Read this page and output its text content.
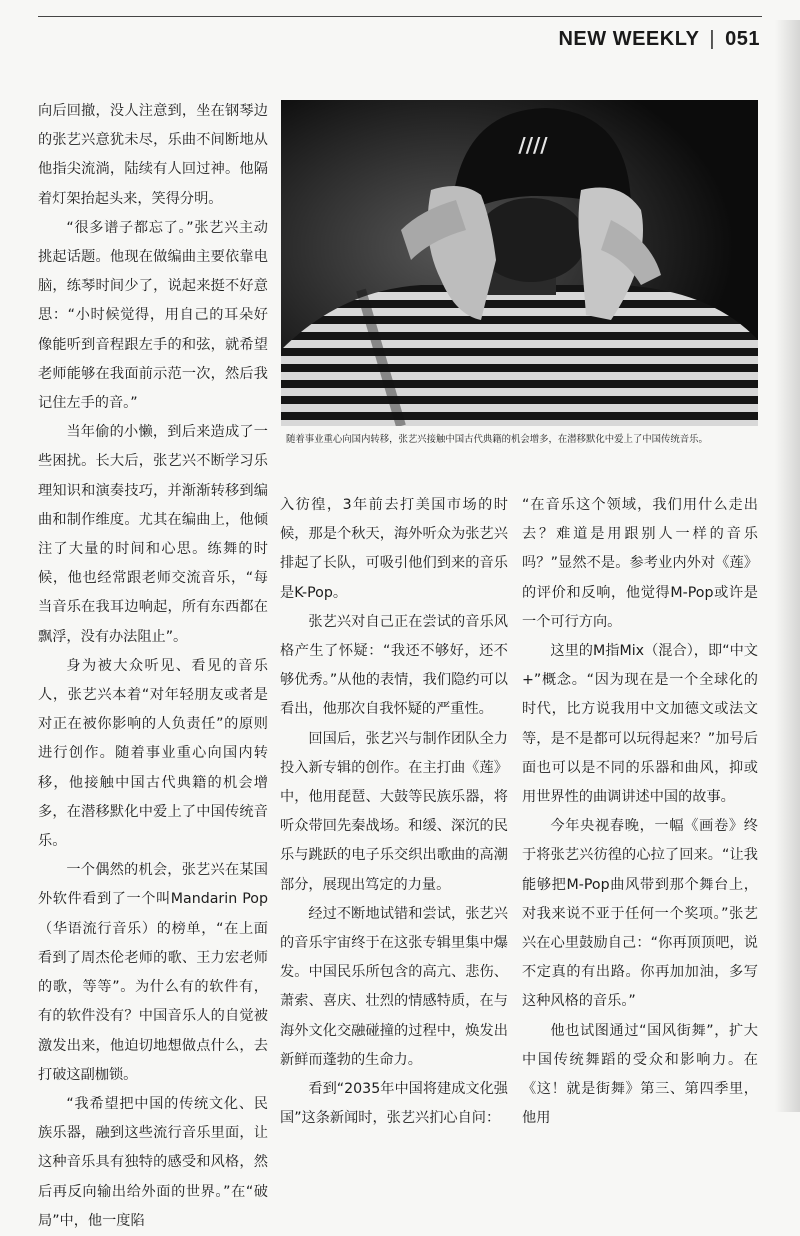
NEW WEEKLY | 051

向后回撤，没人注意到，坐在钢琴边的张艺兴意犹未尽，乐曲不间断地从他指尖流淌，陆续有人回过神。他隔着灯架抬起头来，笑得分明。

“很多谱子都忘了。”张艺兴主动挑起话题。他现在做编曲主要依靠电脑，练琴时间少了，说起来挺不好意思：“小时候觉得，用自己的耳朵好像能听到音程跟左手的和弦，就希望老师能够在我面前示范一次，然后我记住左手的音。”

当年偷的小懒，到后来造成了一些困扰。长大后，张艺兴不断学习乐理知识和演奏技巧，并渐渐转移到编曲和制作维度。尤其在编曲上，他倾注了大量的时间和心思。练舞的时候，他也经常跟老师交流音乐，“每当音乐在我耳边响起，所有东西都在飘浮，没有办法阻止”。

身为被大众听见、看见的音乐人，张艺兴本着“对年轻朋友或者是对正在被你影响的人负责任”的原则进行创作。随着事业重心向国内转移，他接触中国古代典籍的机会增多，在潜移默化中爱上了中国传统音乐。

一个偶然的机会，张艺兴在某国外软件看到了一个叫Mandarin Pop（华语流行音乐）的榜单，“在上面看到了周杰伦老师的歌、王力宏老师的歌，等等”。为什么有的软件有，有的软件没有？中国音乐人的自觉被激发出来，他迫切地想做点什么，去打破这副枷锁。

“我希望把中国的传统文化、民族乐器，融到这些流行音乐里面，让这种音乐具有独特的感受和风格，然后再反向输出给外面的世界。”在“破局”中，他一度陷

////
随着事业重心向国内转移，张艺兴接触中国古代典籍的机会增多，在潜移默化中爱上了中国传统音乐。

入彷徨，3年前去打美国市场的时候，那是个秋天，海外听众为张艺兴排起了长队，可吸引他们到来的音乐是K-Pop。

张艺兴对自己正在尝试的音乐风格产生了怀疑：“我还不够好，还不够优秀。”从他的表情，我们隐约可以看出，他那次自我怀疑的严重性。

回国后，张艺兴与制作团队全力投入新专辑的创作。在主打曲《莲》中，他用琵琶、大鼓等民族乐器，将听众带回先秦战场。和缓、深沉的民乐与跳跃的电子乐交织出歌曲的高潮部分，展现出笃定的力量。

经过不断地试错和尝试，张艺兴的音乐宇宙终于在这张专辑里集中爆发。中国民乐所包含的高亢、悲伤、萧索、喜庆、壮烈的情感特质，在与海外文化交融碰撞的过程中，焕发出新鲜而蓬勃的生命力。

看到“2035年中国将建成文化强国”这条新闻时，张艺兴扪心自问：

“在音乐这个领域，我们用什么走出去？难道是用跟别人一样的音乐吗？”显然不是。参考业内外对《莲》的评价和反响，他觉得M-Pop或许是一个可行方向。

这里的M指Mix（混合），即“中文+”概念。“因为现在是一个全球化的时代，比方说我用中文加德文或法文等，是不是都可以玩得起来？”加号后面也可以是不同的乐器和曲风，抑或用世界性的曲调讲述中国的故事。

今年央视春晚，一幅《画卷》终于将张艺兴彷徨的心拉了回来。“让我能够把M-Pop曲风带到那个舞台上，对我来说不亚于任何一个奖项。”张艺兴在心里鼓励自己：“你再顶顶吧，说不定真的有出路。你再加加油，多写这种风格的音乐。”

他也试图通过“国风街舞”，扩大中国传统舞蹈的受众和影响力。在《这！就是街舞》第三、第四季里，他用
